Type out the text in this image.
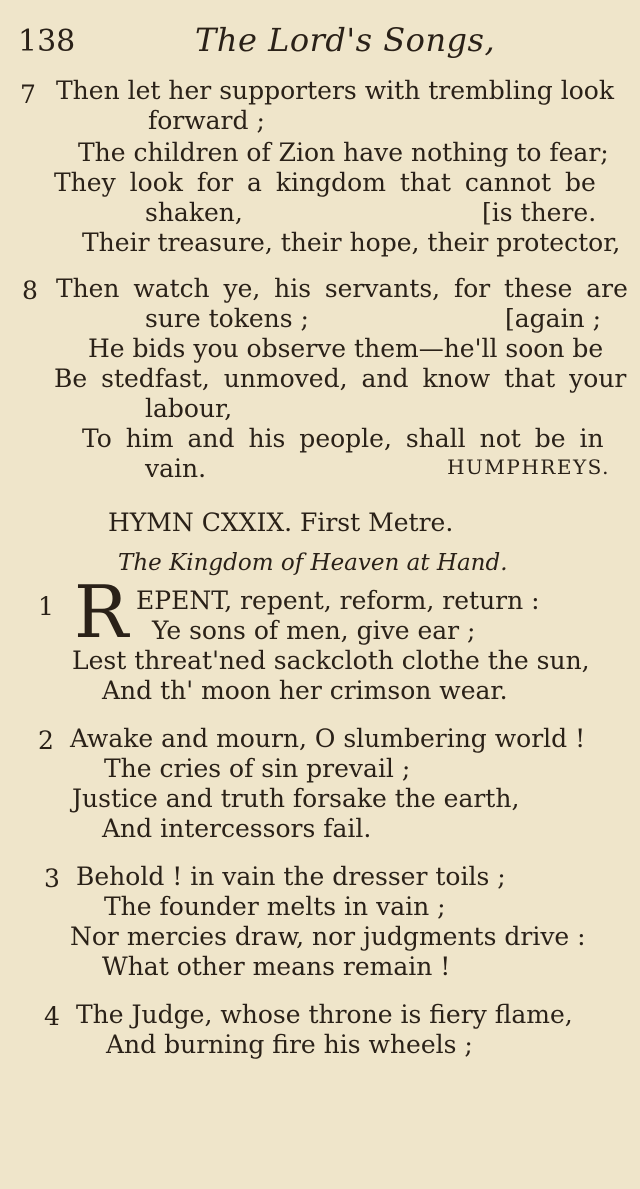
138	The Lord's Songs,
7 Then let her supporters with trembling look
forward ;
The children of Zion have nothing to fear;
They look for a kingdom that cannot be
shaken,	[is there.
Their treasure, their hope, their protector,
8 Then watch ye, his servants, for these are
sure tokens ;	[again ;
He bids you observe them—he'll soon be
Be stedfast, unmoved, and know that your
labour,
To him and his people, shall not be in
vain.	HUMPHREYS.
HYMN CXXIX. First Metre.
The Kingdom of Heaven at Hand.
1 R EPENT, repent, reform, return :
Ye sons of men, give ear ;
Lest threat'ned sackcloth clothe the sun,
And th' moon her crimson wear.
2 Awake and mourn, O slumbering world !
The cries of sin prevail ;
Justice and truth forsake the earth,
And intercessors fail.
3 Behold ! in vain the dresser toils ;
The founder melts in vain ;
Nor mercies draw, nor judgments drive :
What other means remain !
4 The Judge, whose throne is fiery flame,
And burning fire his wheels ;
